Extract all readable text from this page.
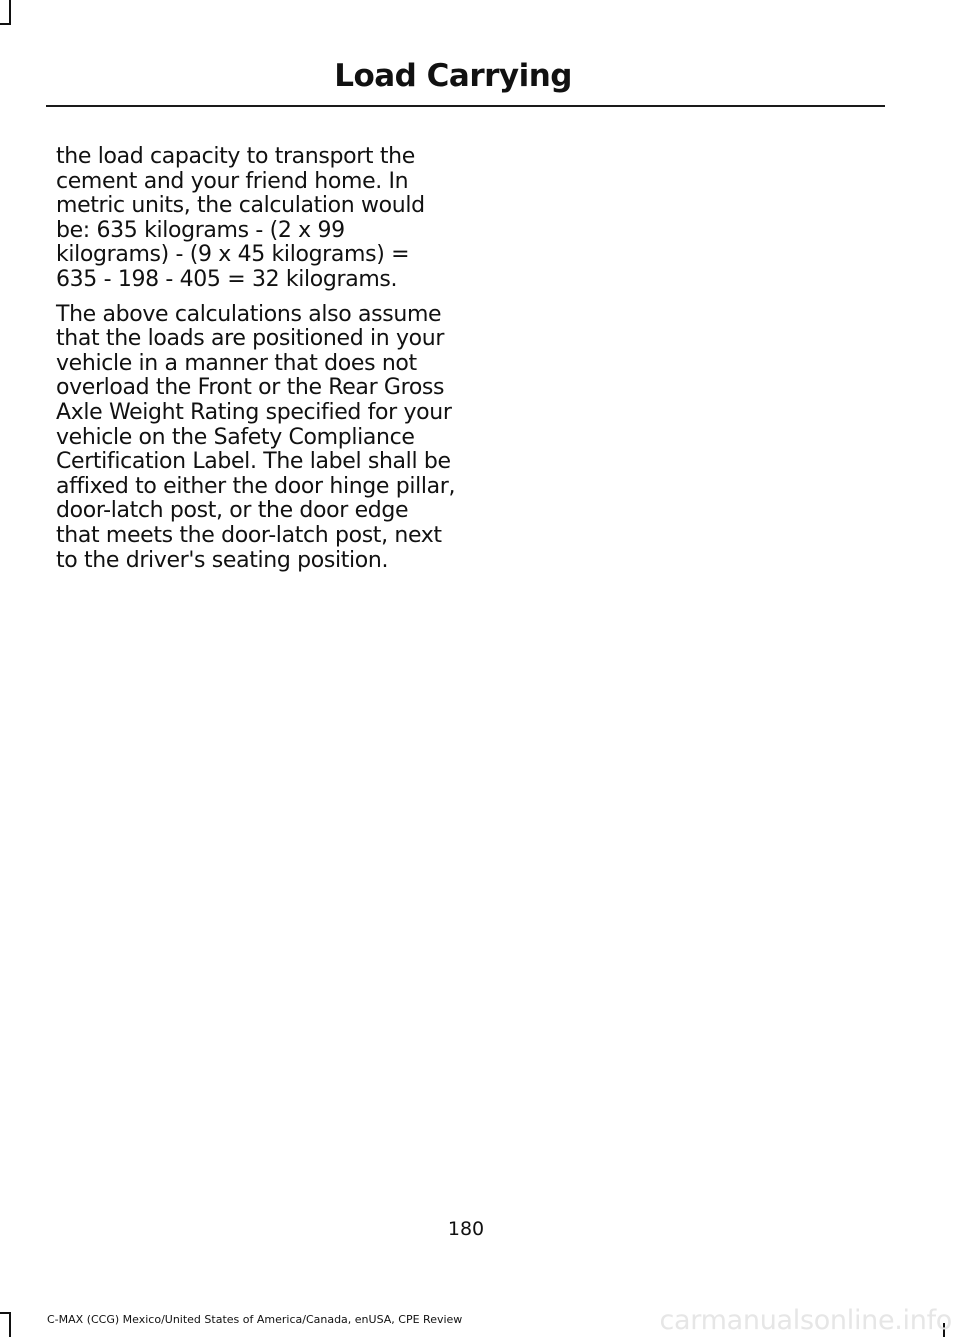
Load Carrying

the load capacity to transport the cement and your friend home. In metric units, the calculation would be: 635 kilograms - (2 x 99 kilograms) - (9 x 45 kilograms) = 635 - 198 - 405 = 32 kilograms.

The above calculations also assume that the loads are positioned in your vehicle in a manner that does not overload the Front or the Rear Gross Axle Weight Rating specified for your vehicle on the Safety Compliance Certification Label. The label shall be affixed to either the door hinge pillar, door-latch post, or the door edge that meets the door-latch post, next to the driver's seating position.

180
C-MAX (CCG) Mexico/United States of America/Canada, enUSA, CPE Review	carmanualsonline.info
